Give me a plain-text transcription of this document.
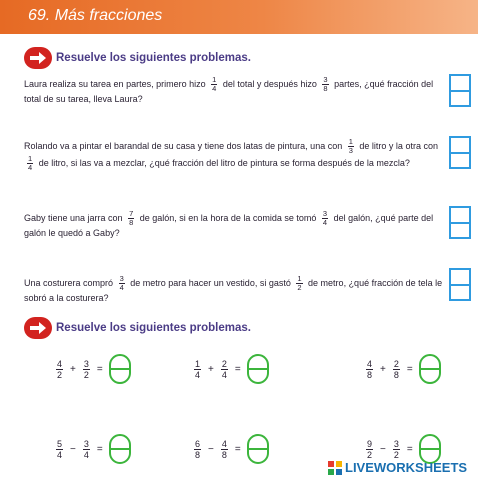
69. Más fracciones
Resuelve los siguientes problemas.
Laura realiza su tarea en partes, primero hizo $\frac{1}{4}$ del total y después hizo $\frac{3}{8}$ partes, ¿qué fracción del total de su tarea, lleva Laura?
Rolando va a pintar el barandal de su casa y tiene dos latas de pintura, una con $\frac{1}{3}$ de litro y la otra con
$\frac{1}{4}$ de litro, si las va a mezclar, ¿qué fracción del litro de pintura se forma después de la mezcla?
Gaby tiene una jarra con $\frac{7}{8}$ de galón, si en la hora de la comida se tomó $\frac{3}{4}$ del galón, ¿qué parte del galón le quedó a Gaby?
Una costurera compró $\frac{3}{4}$ de metro para hacer un vestido, si gastó $\frac{1}{2}$ de metro, ¿qué fracción de tela le sobró a la costurera?
Resuelve los siguientes problemas.
$\frac{4}{2} + \frac{3}{2}$ =	$\frac{1}{4} + \frac{2}{4}$ =	$\frac{4}{8} + \frac{2}{8}$ =
$\frac{5}{4} - \frac{3}{4}$ =	$\frac{6}{8} - \frac{4}{8}$ =	$\frac{9}{2} - \frac{3}{2}$ =
LIVEWORKSHEETS
